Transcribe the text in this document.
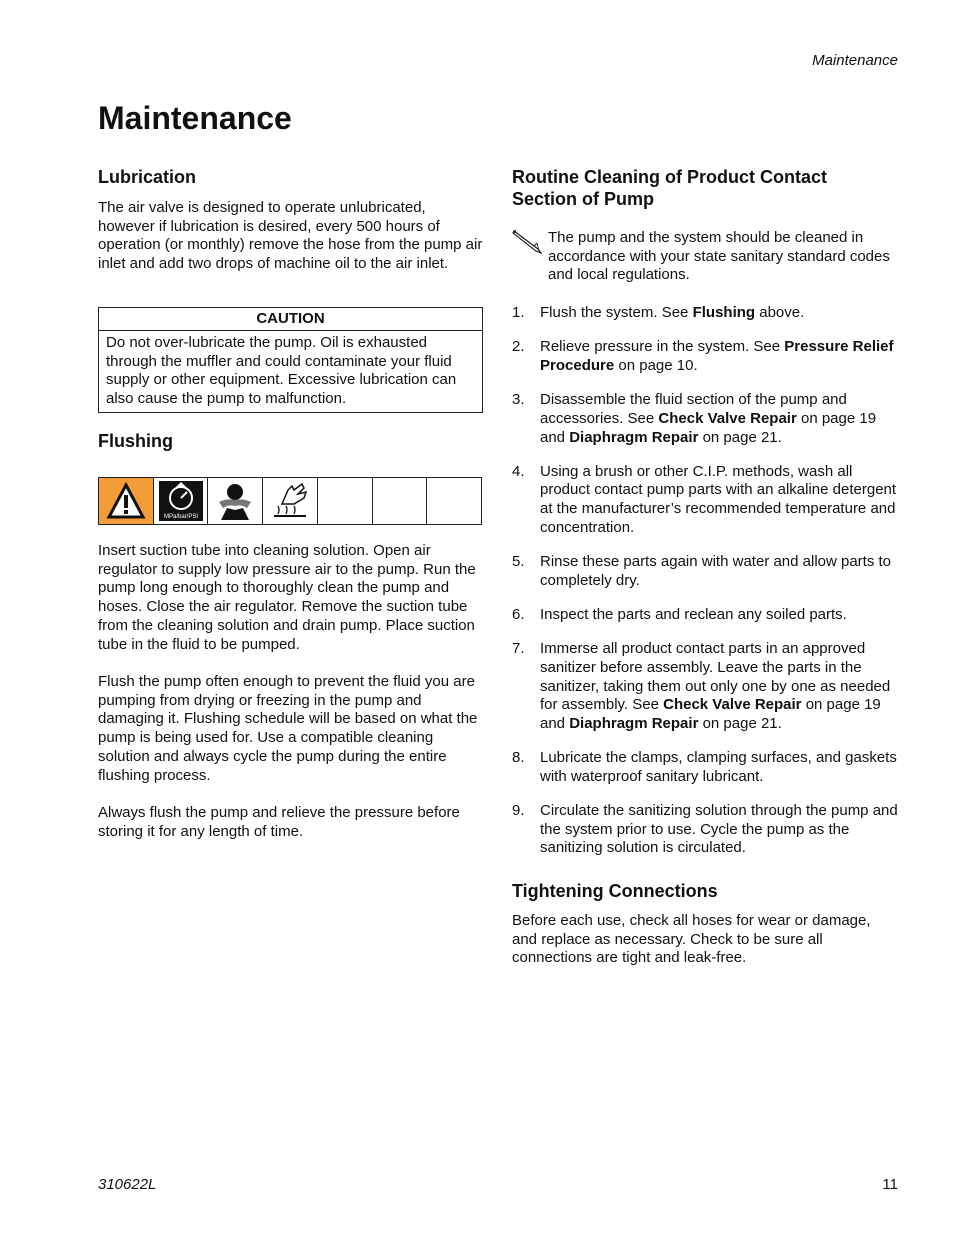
Maintenance
Maintenance
Lubrication

The air valve is designed to operate unlubricated, however if lubrication is desired, every 500 hours of operation (or monthly) remove the hose from the pump air inlet and add two drops of machine oil to the air inlet.

CAUTION
Do not over-lubricate the pump. Oil is exhausted through the muffler and could contaminate your fluid supply or other equipment. Excessive lubrication can also cause the pump to malfunction.
Flushing
MPa/bar/PSI

Insert suction tube into cleaning solution. Open air regulator to supply low pressure air to the pump. Run the pump long enough to thoroughly clean the pump and hoses. Close the air regulator. Remove the suction tube from the cleaning solution and drain pump. Place suction tube in the fluid to be pumped.

Flush the pump often enough to prevent the fluid you are pumping from drying or freezing in the pump and damaging it. Flushing schedule will be based on what the pump is being used for. Use a compatible cleaning solution and always cycle the pump during the entire flushing process.

Always flush the pump and relieve the pressure before storing it for any length of time.

Routine Cleaning of Product Contact
Section of Pump

The pump and the system should be cleaned in accordance with your state sanitary standard codes and local regulations.

1. Flush the system. See Flushing above.
2. Relieve pressure in the system. See Pressure Relief Procedure on page 10.
3. Disassemble the fluid section of the pump and accessories. See Check Valve Repair on page 19 and Diaphragm Repair on page 21.
4. Using a brush or other C.I.P. methods, wash all product contact pump parts with an alkaline detergent at the manufacturer’s recommended temperature and concentration.
5. Rinse these parts again with water and allow parts to completely dry.
6. Inspect the parts and reclean any soiled parts.
7. Immerse all product contact parts in an approved sanitizer before assembly. Leave the parts in the sanitizer, taking them out only one by one as needed for assembly. See Check Valve Repair on page 19 and Diaphragm Repair on page 21.
8. Lubricate the clamps, clamping surfaces, and gaskets with waterproof sanitary lubricant.
9. Circulate the sanitizing solution through the pump and the system prior to use. Cycle the pump as the sanitizing solution is circulated.
Tightening Connections

Before each use, check all hoses for wear or damage, and replace as necessary. Check to be sure all connections are tight and leak-free.

310622L	11
